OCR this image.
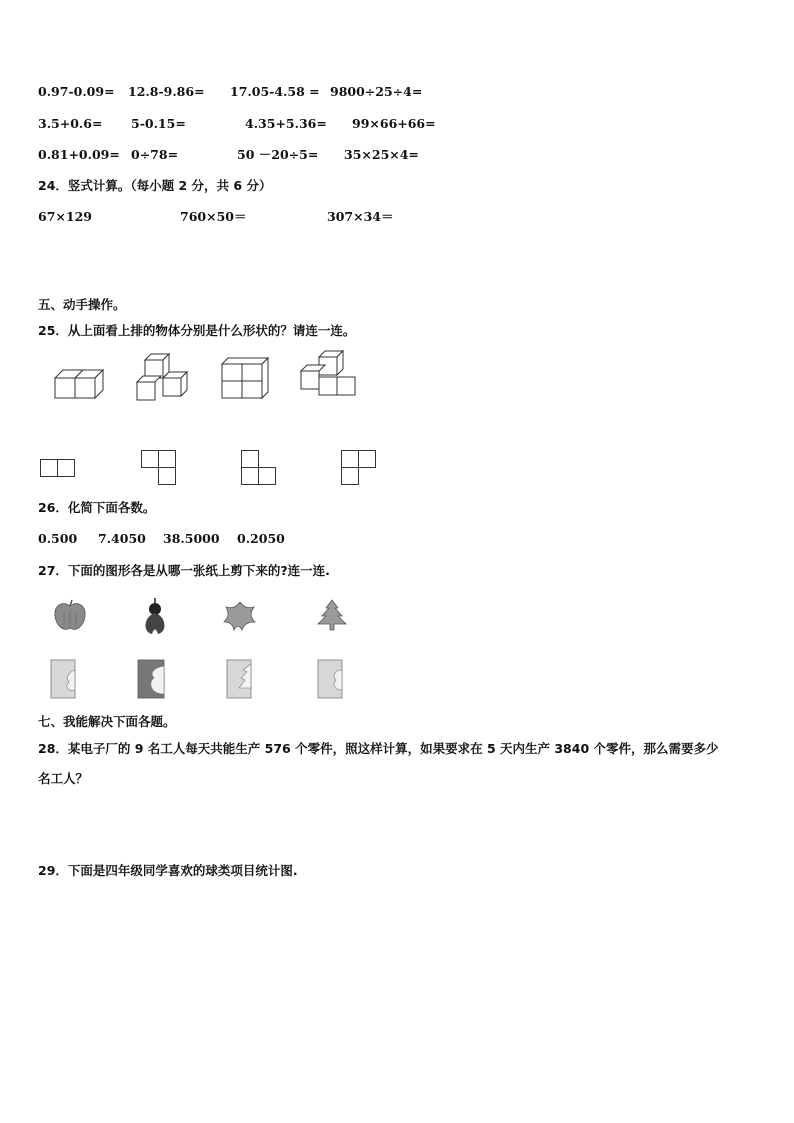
0.97-0.09= 12.8-9.86= 17.05-4.58 = 9800÷25÷4=
3.5+0.6= 5-0.15=	4.35+5.36= 99×66+66=
0.81+0.09= 0÷78=	50 －20÷5= 35×25×4=
24．竖式计算。（每小题 2 分，共 6 分）
67×129	760×50＝	307×34＝
五、动手操作。
25．从上面看上排的物体分别是什么形状的？请连一连。
26．化简下面各数。
0.500 7.4050 38.5000 0.2050
27．下面的图形各是从哪一张纸上剪下来的?连一连.
七、我能解决下面各题。
28．某电子厂的 9 名工人每天共能生产 576 个零件，照这样计算，如果要求在 5 天内生产 3840 个零件，那么需要多少
名工人？
29．下面是四年级同学喜欢的球类项目统计图.
